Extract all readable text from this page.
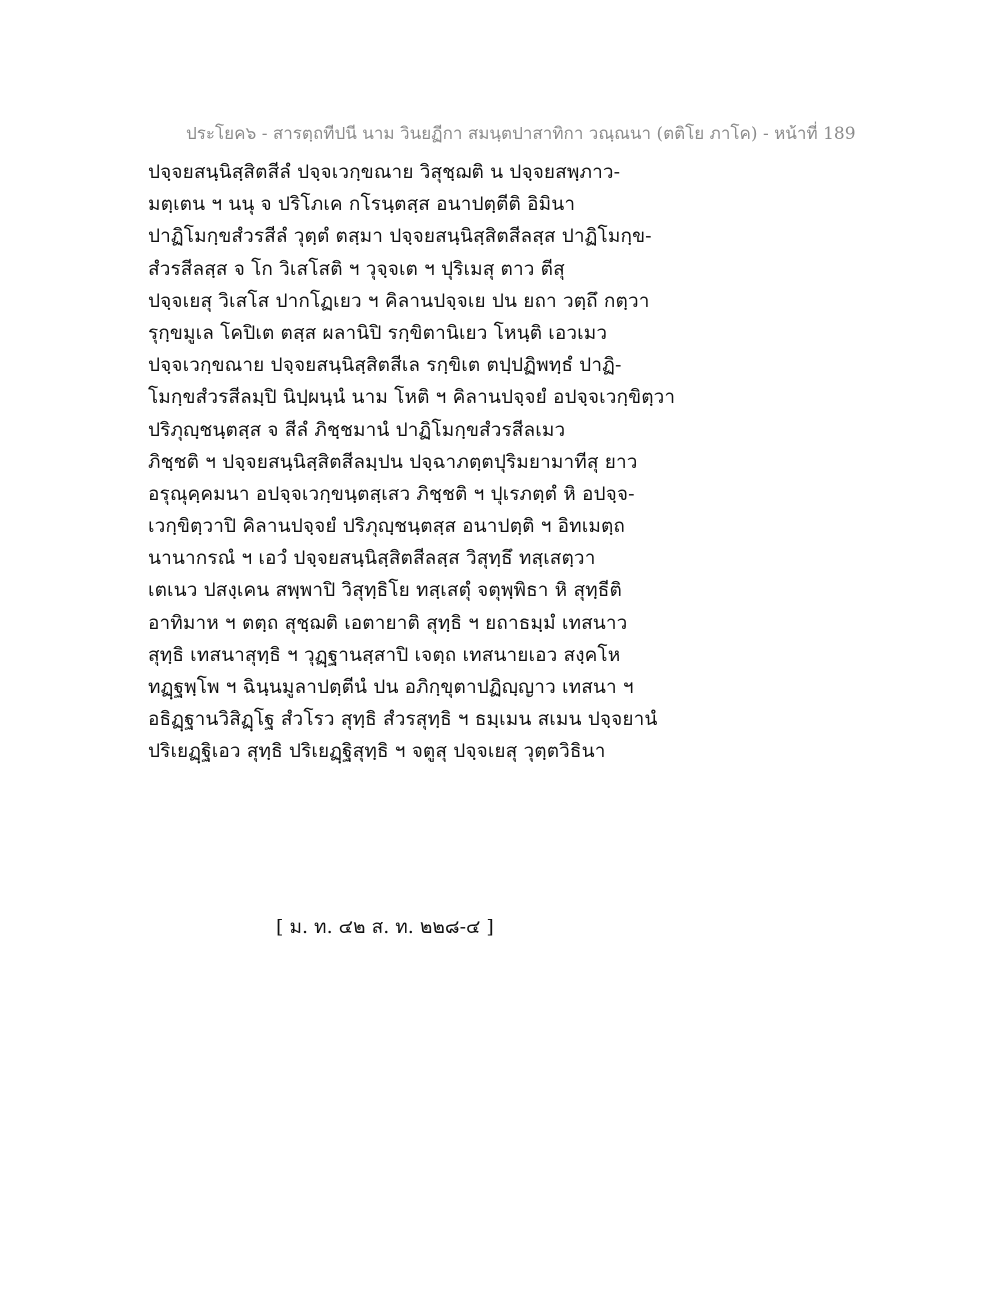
ประโยค๖ - สารตฺถทีปนี นาม วินยฏีกา สมนฺตปาสาทิกา วณฺณนา (ตติโย ภาโค) - หน้าที่ 189
ปจฺจยสนฺนิสฺสิตสีลํ ปจฺจเวกฺขณาย วิสุชฺฌติ น ปจฺจยสพฺภาว-
มตฺเตน ฯ นนุ จ ปริโภเค กโรนฺตสฺส อนาปตฺตีติ อิมินา
ปาฏิโมกฺขสํวรสีลํ วุตฺตํ ตสฺมา ปจฺจยสนฺนิสฺสิตสีลสฺส ปาฏิโมกฺข-
สํวรสีลสฺส จ โก วิเสโสติ ฯ วุจฺจเต ฯ ปุริเมสุ ตาว ตีสุ
ปจฺจเยสุ วิเสโส ปากโฏเยว ฯ คิลานปจฺจเย ปน ยถา วตฺถึ กตฺวา
รุกฺขมูเล โคปิเต ตสฺส ผลานิปิ รกฺขิตานิเยว โหนฺติ เอวเมว
ปจฺจเวกฺขณาย ปจฺจยสนฺนิสฺสิตสีเล รกฺขิเต ตปฺปฏิพทฺธํ ปาฏิ-
โมกฺขสํวรสีลมฺปิ นิปฺผนฺนํ นาม โหติ ฯ คิลานปจฺจยํ อปจฺจเวกฺขิตฺวา
ปริภุญฺชนฺตสฺส จ สีลํ ภิชฺชมานํ ปาฏิโมกฺขสํวรสีลเมว
ภิชฺชติ ฯ ปจฺจยสนฺนิสฺสิตสีลมฺปน ปจฺฉาภตฺตปุริมยามาทีสุ ยาว
อรุณุคฺคมนา อปจฺจเวกฺขนฺตสฺเสว ภิชฺชติ ฯ ปุเรภตฺตํ หิ อปจฺจ-
เวกฺขิตฺวาปิ คิลานปจฺจยํ ปริภุญฺชนฺตสฺส อนาปตฺติ ฯ อิทเมตฺถ
นานากรณํ ฯ เอวํ ปจฺจยสนฺนิสฺสิตสีลสฺส วิสุทฺธึ ทสฺเสตฺวา
เตเนว ปสงฺเคน สพฺพาปิ วิสุทฺธิโย ทสฺเสตุํ จตุพฺพิธา หิ สุทฺธีติ
อาทิมาห ฯ ตตฺถ สุชฺฌติ เอตายาติ สุทฺธิ ฯ ยถาธมฺมํ เทสนาว
สุทฺธิ เทสนาสุทฺธิ ฯ วุฏฺฐานสฺสาปิ เจตฺถ เทสนายเอว สงฺคโห
ทฏฺฐพฺโพ ฯ ฉินฺนมูลาปตฺตีนํ ปน อภิกฺขุตาปฏิญฺญาว เทสนา ฯ
อธิฏฺฐานวิสิฏฺโฐ สํวโรว สุทฺธิ สํวรสุทฺธิ ฯ ธมฺเมน สเมน ปจฺจยานํ
ปริเยฏฺฐิเอว สุทฺธิ ปริเยฏฺฐิสุทฺธิ ฯ จตูสุ ปจฺจเยสุ วุตฺตวิธินา
[ ม. ท. ๔๒ ส. ท. ๒๒๘-๔ ]
